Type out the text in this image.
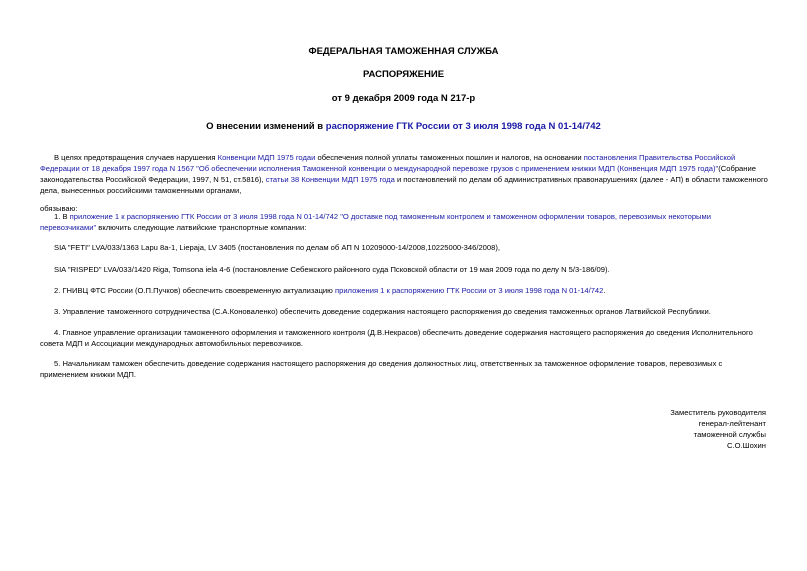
ФЕДЕРАЛЬНАЯ ТАМОЖЕННАЯ СЛУЖБА
РАСПОРЯЖЕНИЕ
от 9 декабря 2009 года N 217-р
О внесении изменений в распоряжение ГТК России от 3 июля 1998 года N 01-14/742
В целях предотвращения случаев нарушения Конвенции МДП 1975 годаи обеспечения полной уплаты таможенных пошлин и налогов, на основании постановления Правительства Российской Федерации от 18 декабря 1997 года N 1567 "Об обеспечении исполнения Таможенной конвенции о международной перевозке грузов с применением книжки МДП (Конвенция МДП 1975 года)"(Собрание законодательства Российской Федерации, 1997, N 51, ст.5816), статьи 38 Конвенции МДП 1975 года и постановлений по делам об административных правонарушениях (далее - АП) в области таможенного дела, вынесенных российскими таможенными органами,
обязываю:
1. В приложение 1 к распоряжению ГТК России от 3 июля 1998 года N 01-14/742 "О доставке под таможенным контролем и таможенном оформлении товаров, перевозимых некоторыми перевозчиками" включить следующие латвийские транспортные компании:
SIA "FETI" LVA/033/1363 Lapu 8a-1, Liepaja, LV 3405 (постановления по делам об АП N 10209000-14/2008,10225000-346/2008),
SIA "RISPED" LVA/033/1420 Riga, Tomsona iela 4-6 (постановление Себежского районного суда Псковской области от 19 мая 2009 года по делу N 5/3-186/09).
2. ГНИВЦ ФТС России (О.П.Пучков) обеспечить своевременную актуализацию приложения 1 к распоряжению ГТК России от 3 июля 1998 года N 01-14/742.
3. Управление таможенного сотрудничества (С.А.Коноваленко) обеспечить доведение содержания настоящего распоряжения до сведения таможенных органов Латвийской Республики.
4. Главное управление организации таможенного оформления и таможенного контроля (Д.В.Некрасов) обеспечить доведение содержания настоящего распоряжения до сведения Исполнительного совета МДП и Ассоциации международных автомобильных перевозчиков.
5. Начальникам таможен обеспечить доведение содержания настоящего распоряжения до сведения должностных лиц, ответственных за таможенное оформление товаров, перевозимых с применением книжки МДП.
Заместитель руководителя
генерал-лейтенант
таможенной службы
С.О.Шохин
